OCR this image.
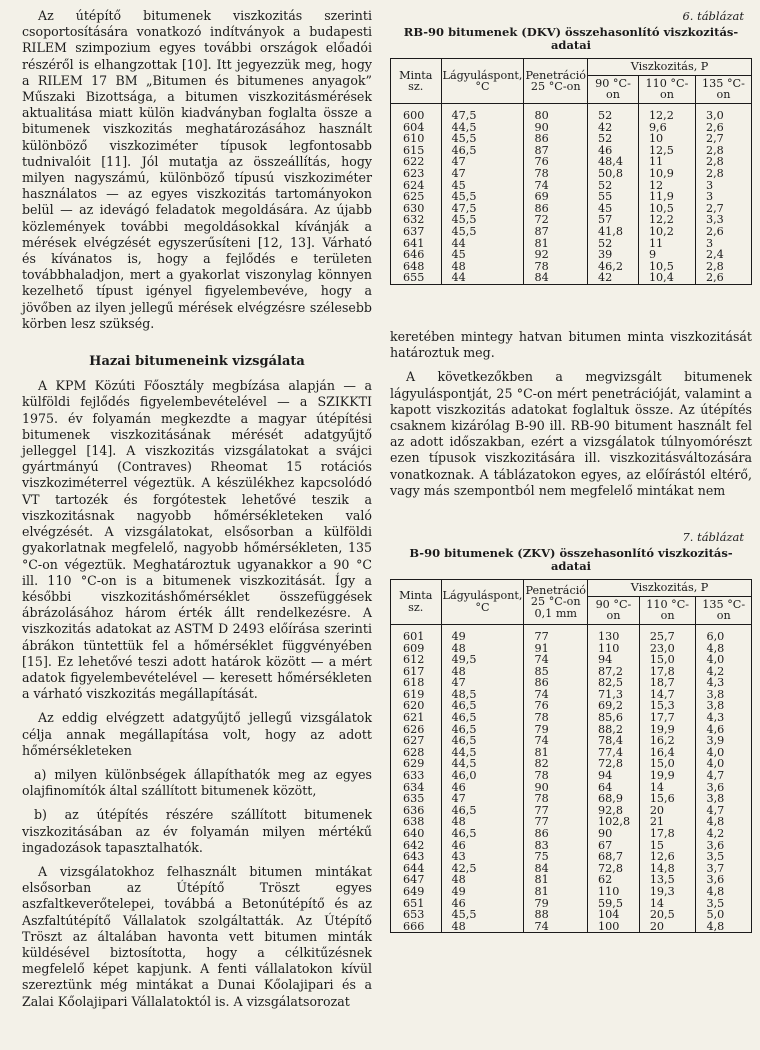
Az útépítő bitumenek viszkozitás szerinti csoportosítására vonatkozó indítványok a budapesti RILEM szimpozium egyes további országok előadói részéről is elhangzottak [10]. Itt jegyezzük meg, hogy a RILEM 17 BM „Bitumen és bitumenes anyagok” Műszaki Bizottsága, a bitumen viszkozitásmérések aktualitása miatt külön kiadványban foglalta össze a bitumenek viszkozitás meghatározásához használt különböző viszkoziméter típusok legfontosabb tudnivalóit [11]. Jól mutatja az összeállítás, hogy milyen nagyszámú, különböző típusú viszkoziméter használatos — az egyes viszkozitás tartományokon belül — az idevágó feladatok megoldására. Az újabb közlemények további megoldásokkal kívánják a mérések elvégzését egyszerűsíteni [12, 13]. Várható és kívánatos is, hogy a fejlődés e területen továbbhaladjon, mert a gyakorlat viszonylag könnyen kezelhető típust igényel figyelembevéve, hogy a jövőben az ilyen jellegű mérések elvégzésre szélesebb körben lesz szükség.

Hazai bitumeneink vizsgálata

A KPM Közúti Főosztály megbízása alapján — a külföldi fejlődés figyelembevételével — a SZIKKTI 1975. év folyamán megkezdte a magyar útépítési bitumenek viszkozitásának mérését adatgyűjtő jelleggel [14]. A viszkozitás vizsgálatokat a svájci gyártmányú (Contraves) Rheomat 15 rotációs viszkoziméterrel végeztük. A készülékhez kapcsolódó VT tartozék és forgótestek lehetővé teszik a viszkozitásnak nagyobb hőmérsékleteken való elvégzését. A vizsgálatokat, elsősorban a külföldi gyakorlatnak megfelelő, nagyobb hőmérsékleten, 135 °C-on végeztük. Meghatároztuk ugyanakkor a 90 °C ill. 110 °C-on is a bitumenek viszkozitását. Így a későbbi viszkozitáshőmérséklet összefüggések ábrázolásához három érték állt rendelkezésre. A viszkozitás adatokat az ASTM D 2493 előírása szerinti ábrákon tüntettük fel a hőmérséklet függvényében [15]. Ez lehetővé teszi adott határok között — a mért adatok figyelembevételével — keresett hőmérsékleten a várható viszkozitás megállapítását.

Az eddig elvégzett adatgyűjtő jellegű vizsgálatok célja annak megállapítása volt, hogy az adott hőmérsékleteken

a) milyen különbségek állapíthatók meg az egyes olajfinomítók által szállított bitumenek között,

b) az útépítés részére szállított bitumenek viszkozitásában az év folyamán milyen mértékű ingadozások tapasztalhatók.

A vizsgálatokhoz felhasznált bitumen mintákat elsősorban az Útépítő Tröszt egyes aszfaltkeverőtelepei, továbbá a Betonútépítő és az Aszfaltútépítő Vállalatok szolgáltatták. Az Útépítő Tröszt az általában havonta vett bitumen minták küldésével biztosította, hogy a célkitűzésnek megfelelő képet kapjunk. A fenti vállalatokon kívül szereztünk még mintákat a Dunai Kőolajipari és a Zalai Kőolajipari Vállalatoktól is. A vizsgálatsorozat

6. táblázat
RB-90 bitumenek (DKV) összehasonlító viszkozitás-adatai
Minta sz.	Lágyuláspont, °C	Penetráció 25 °C-on	Viszkozitás, P		
			90 °C-on	110 °C-on	135 °C-on
600	47,5	80	52	12,2	3,0
604	44,5	90	42	9,6	2,6
610	45,5	86	52	10	2,7
615	46,5	87	46	12,5	2,8
622	47	76	48,4	11	2,8
623	47	78	50,8	10,9	2,8
624	45	74	52	12	3
625	45,5	69	55	11,9	3
630	47,5	86	45	10,5	2,7
632	45,5	72	57	12,2	3,3
637	45,5	87	41,8	10,2	2,6
641	44	81	52	11	3
646	45	92	39	9	2,4
648	48	78	46,2	10,5	2,8
655	44	84	42	10,4	2,6

keretében mintegy hatvan bitumen minta viszkozitását határoztuk meg.

A következőkben a megvizsgált bitumenek lágyuláspontját, 25 °C-on mért penetrációját, valamint a kapott viszkozitás adatokat foglaltuk össze. Az útépítés csaknem kizárólag B-90 ill. RB-90 bitument használt fel az adott időszakban, ezért a vizsgálatok túlnyomórészt ezen típusok viszkozitására ill. viszkozitásváltozására vonatkoznak. A táblázatokon egyes, az előírástól eltérő, vagy más szempontból nem megfelelő mintákat nem

7. táblázat
B-90 bitumenek (ZKV) összehasonlító viszkozitás-adatai
Minta sz.	Lágyuláspont, °C	Penetráció 25 °C-on 0,1 mm	Viszkozitás, P		
			90 °C-on	110 °C-on	135 °C-on
601	49	77	130	25,7	6,0
609	48	91	110	23,0	4,8
612	49,5	74	94	15,0	4,0
617	48	85	87,2	17,8	4,2
618	47	86	82,5	18,7	4,3
619	48,5	74	71,3	14,7	3,8
620	46,5	76	69,2	15,3	3,8
621	46,5	78	85,6	17,7	4,3
626	46,5	79	88,2	19,9	4,6
627	46,5	74	78,4	16,2	3,9
628	44,5	81	77,4	16,4	4,0
629	44,5	82	72,8	15,0	4,0
633	46,0	78	94	19,9	4,7
634	46	90	64	14	3,6
635	47	78	68,9	15,6	3,8
636	46,5	77	92,8	20	4,7
638	48	77	102,8	21	4,8
640	46,5	86	90	17,8	4,2
642	46	83	67	15	3,6
643	43	75	68,7	12,6	3,5
644	42,5	84	72,8	14,8	3,7
647	48	81	62	13,5	3,6
649	49	81	110	19,3	4,8
651	46	79	59,5	14	3,5
653	45,5	88	104	20,5	5,0
666	48	74	100	20	4,8
